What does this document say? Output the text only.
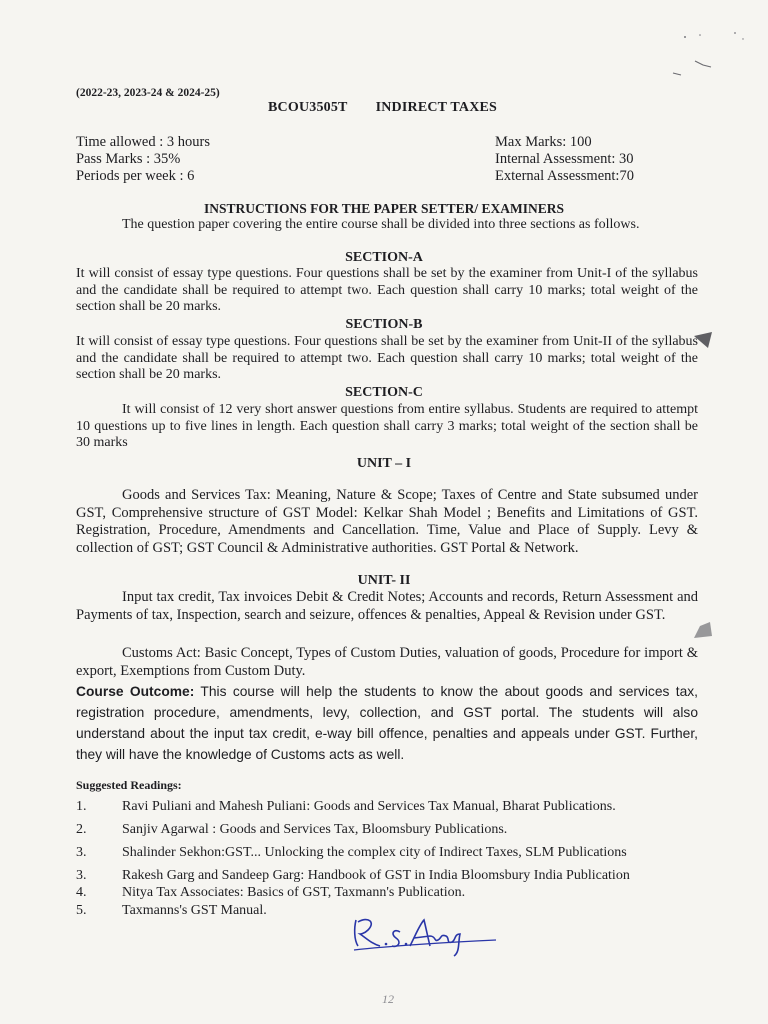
(2022-23, 2023-24 & 2024-25)
BCOU3505T INDIRECT TAXES
Time allowed : 3 hours
Pass Marks : 35%
Periods per week : 6
Max Marks: 100
Internal Assessment: 30
External Assessment:70
INSTRUCTIONS FOR THE PAPER SETTER/ EXAMINERS
The question paper covering the entire course shall be divided into three sections as follows.
SECTION-A
It will consist of essay type questions. Four questions shall be set by the examiner from Unit-I of the syllabus and the candidate shall be required to attempt two. Each question shall carry 10 marks; total weight of the section shall be 20 marks.
SECTION-B
It will consist of essay type questions. Four questions shall be set by the examiner from Unit-II of the syllabus and the candidate shall be required to attempt two. Each question shall carry 10 marks; total weight of the section shall be 20 marks.
SECTION-C
It will consist of 12 very short answer questions from entire syllabus. Students are required to attempt 10 questions up to five lines in length. Each question shall carry 3 marks; total weight of the section shall be 30 marks
UNIT – I
Goods and Services Tax: Meaning, Nature & Scope; Taxes of Centre and State subsumed under GST, Comprehensive structure of GST Model: Kelkar Shah Model ; Benefits and Limitations of GST. Registration, Procedure, Amendments and Cancellation. Time, Value and Place of Supply. Levy & collection of GST; GST Council & Administrative authorities. GST Portal & Network.
UNIT- II
Input tax credit, Tax invoices Debit & Credit Notes; Accounts and records, Return Assessment and Payments of tax, Inspection, search and seizure, offences & penalties, Appeal & Revision under GST.
Customs Act: Basic Concept, Types of Custom Duties, valuation of goods, Procedure for import & export, Exemptions from Custom Duty.
Course Outcome: This course will help the students to know the about goods and services tax, registration procedure, amendments, levy, collection, and GST portal. The students will also understand about the input tax credit, e-way bill offence, penalties and appeals under GST. Further, they will have the knowledge of Customs acts as well.
Suggested Readings:
1.	Ravi Puliani and Mahesh Puliani: Goods and Services Tax Manual, Bharat Publications.
2.	Sanjiv Agarwal : Goods and Services Tax, Bloomsbury Publications.
3.	Shalinder Sekhon:GST... Unlocking the complex city of Indirect Taxes, SLM Publications
3.	Rakesh Garg and Sandeep Garg: Handbook of GST in India Bloomsbury India Publication
4.	Nitya Tax Associates: Basics of GST, Taxmann's Publication.
5.	Taxmanns's GST Manual.
12
